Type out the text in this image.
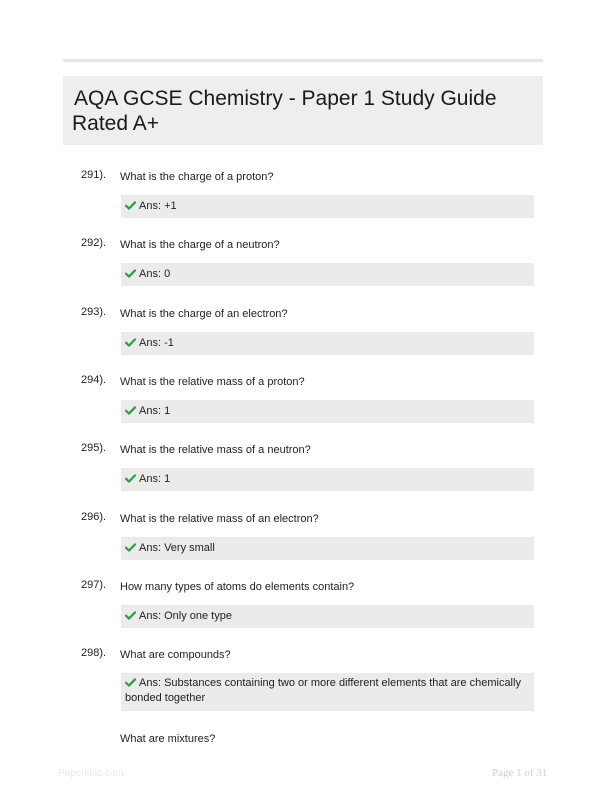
AQA GCSE Chemistry - Paper 1 Study Guide
Rated A+
291). What is the charge of a proton?
Ans: +1
292). What is the charge of a neutron?
Ans: 0
293). What is the charge of an electron?
Ans: -1
294). What is the relative mass of a proton?
Ans: 1
295). What is the relative mass of a neutron?
Ans: 1
296). What is the relative mass of an electron?
Ans: Very small
297). How many types of atoms do elements contain?
Ans: Only one type
298). What are compounds?
Ans: Substances containing two or more different elements that are chemically bonded together
What are mixtures?
Paperlibic.com	Page 1 of 31
